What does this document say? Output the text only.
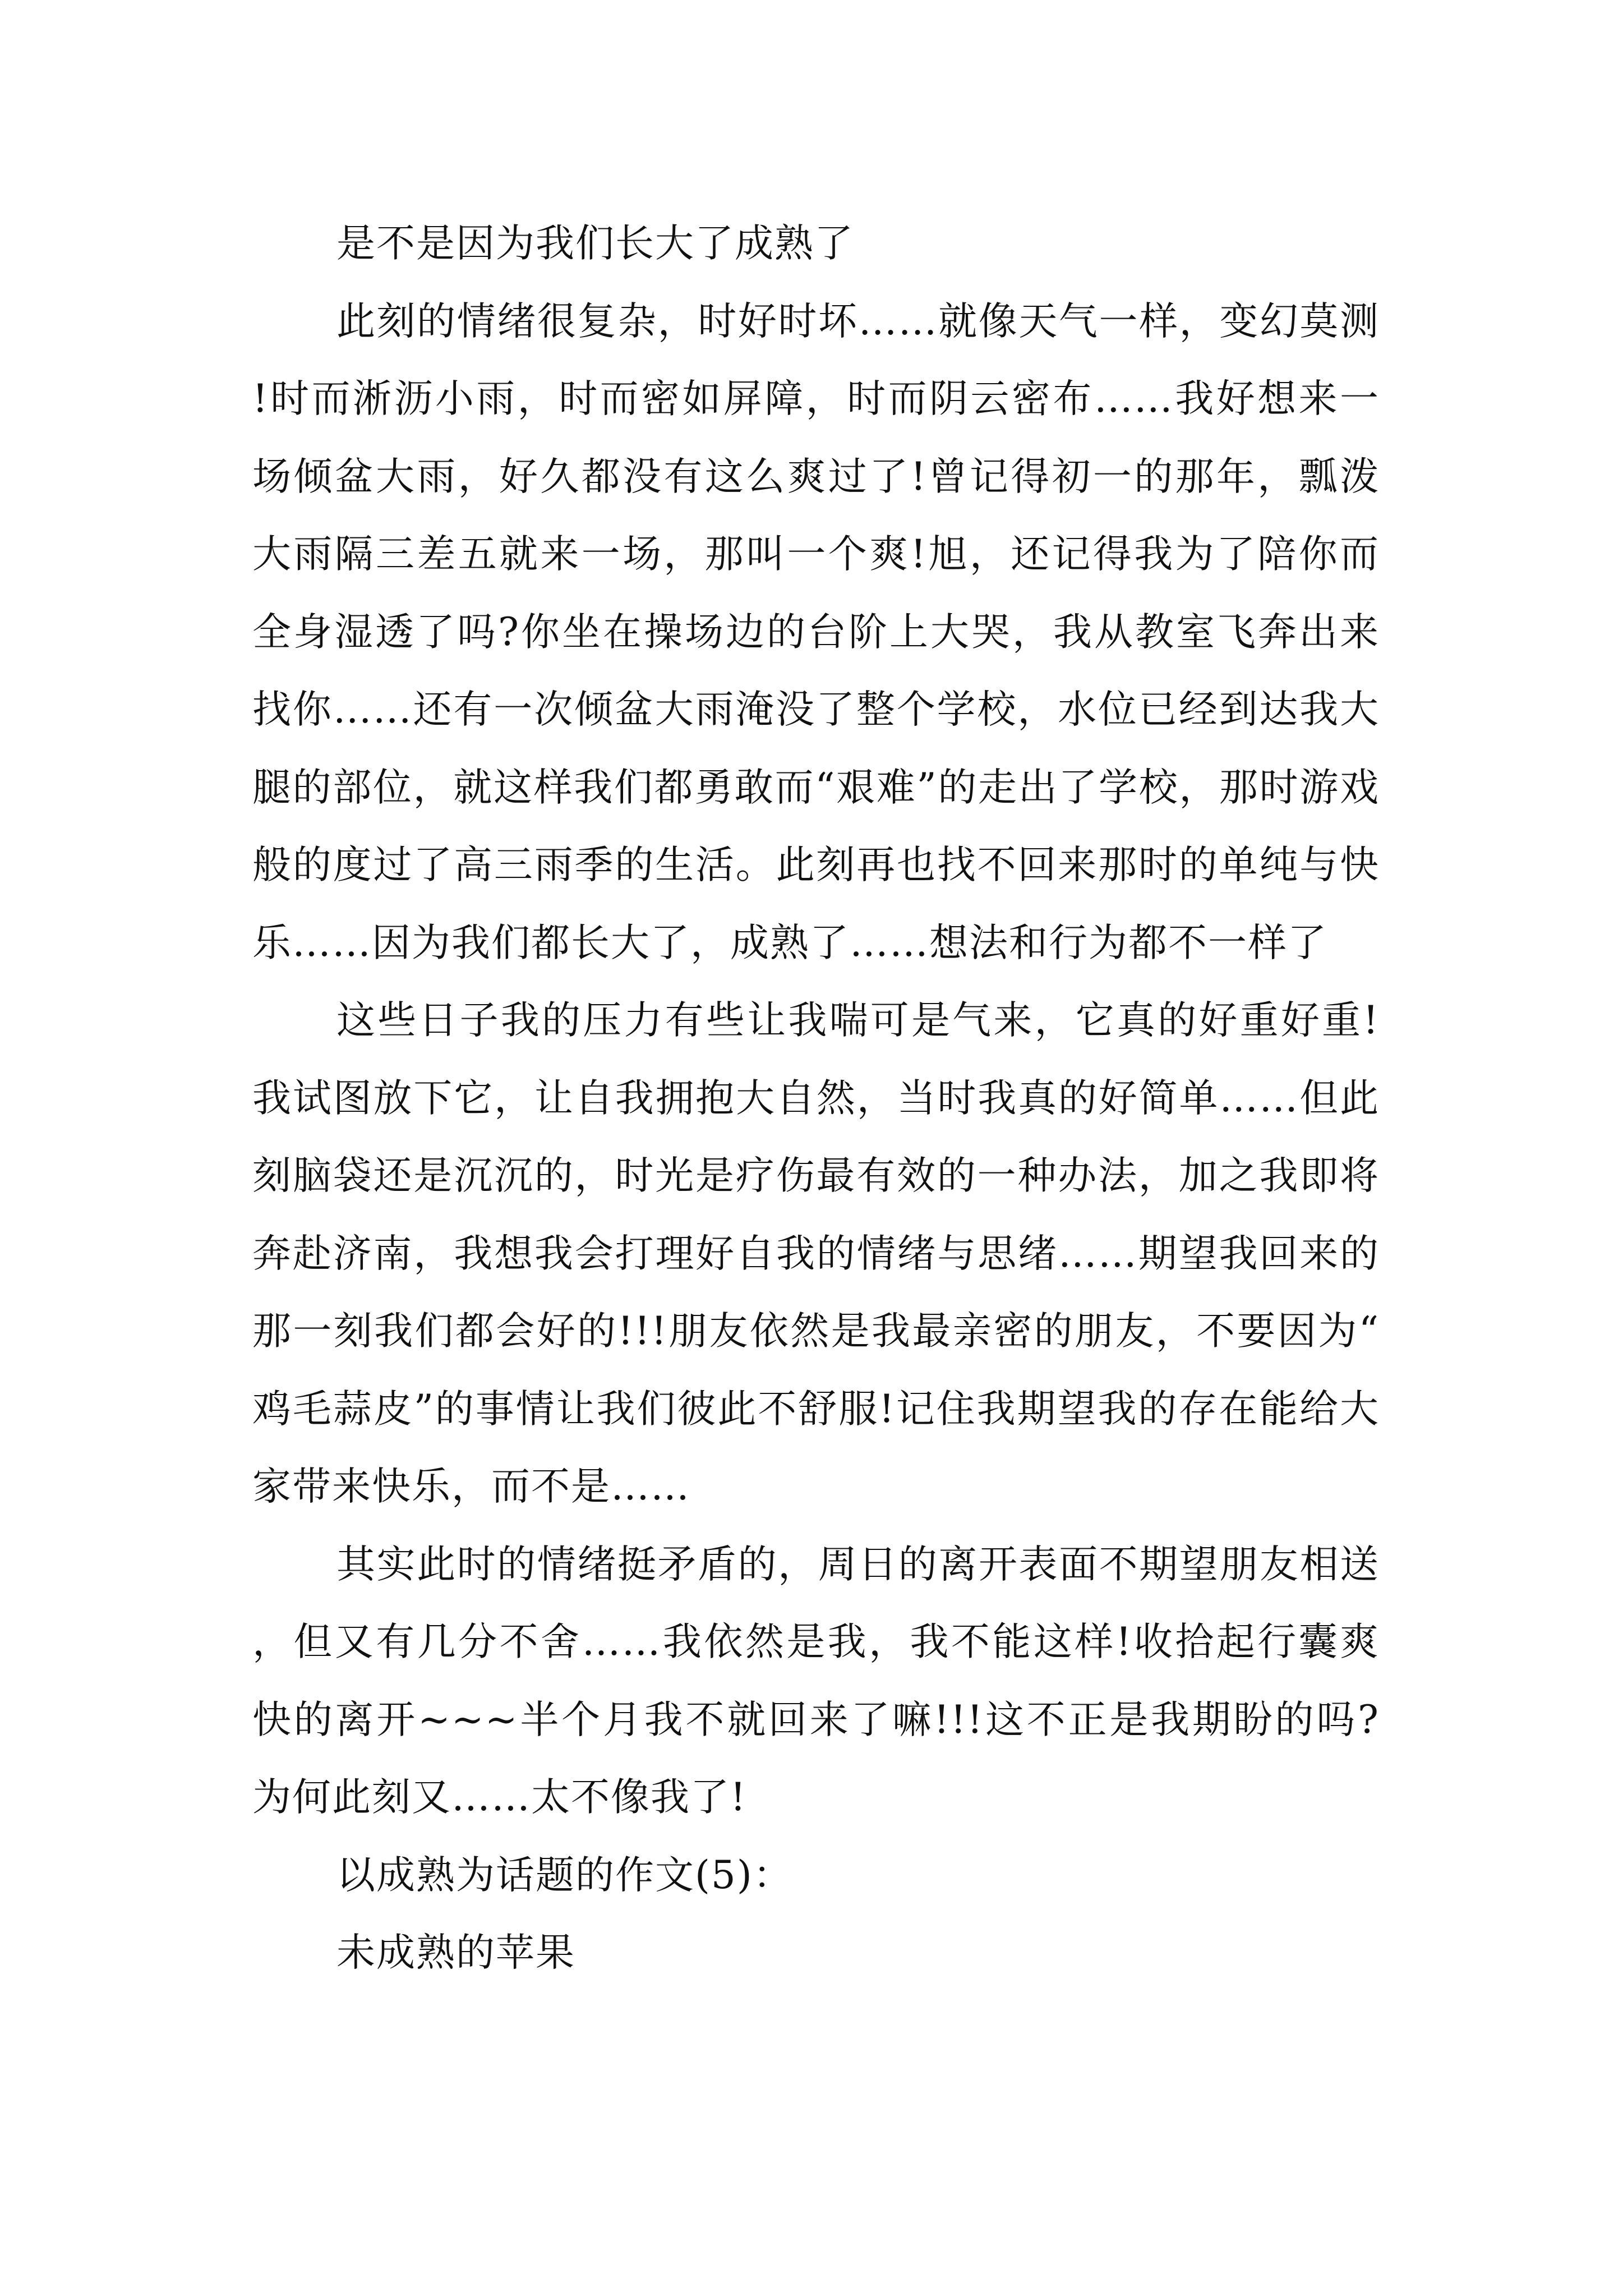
是不是因为我们长大了成熟了

此刻的情绪很复杂，时好时坏……就像天气一样，变幻莫测!时而淅沥小雨，时而密如屏障，时而阴云密布……我好想来一场倾盆大雨，好久都没有这么爽过了!曾记得初一的那年，瓢泼大雨隔三差五就来一场，那叫一个爽!旭，还记得我为了陪你而全身湿透了吗?你坐在操场边的台阶上大哭，我从教室飞奔出来找你……还有一次倾盆大雨淹没了整个学校，水位已经到达我大腿的部位，就这样我们都勇敢而“艰难”的走出了学校，那时游戏般的度过了高三雨季的生活。此刻再也找不回来那时的单纯与快乐……因为我们都长大了，成熟了……想法和行为都不一样了

这些日子我的压力有些让我喘可是气来，它真的好重好重!我试图放下它，让自我拥抱大自然，当时我真的好简单……但此刻脑袋还是沉沉的，时光是疗伤最有效的一种办法，加之我即将奔赴济南，我想我会打理好自我的情绪与思绪……期望我回来的那一刻我们都会好的!!!朋友依然是我最亲密的朋友，不要因为“鸡毛蒜皮”的事情让我们彼此不舒服!记住我期望我的存在能给大家带来快乐，而不是……

其实此时的情绪挺矛盾的，周日的离开表面不期望朋友相送，但又有几分不舍……我依然是我，我不能这样!收拾起行囊爽快的离开~~~半个月我不就回来了嘛!!!这不正是我期盼的吗?为何此刻又……太不像我了!

以成熟为话题的作文(5)：

未成熟的苹果
